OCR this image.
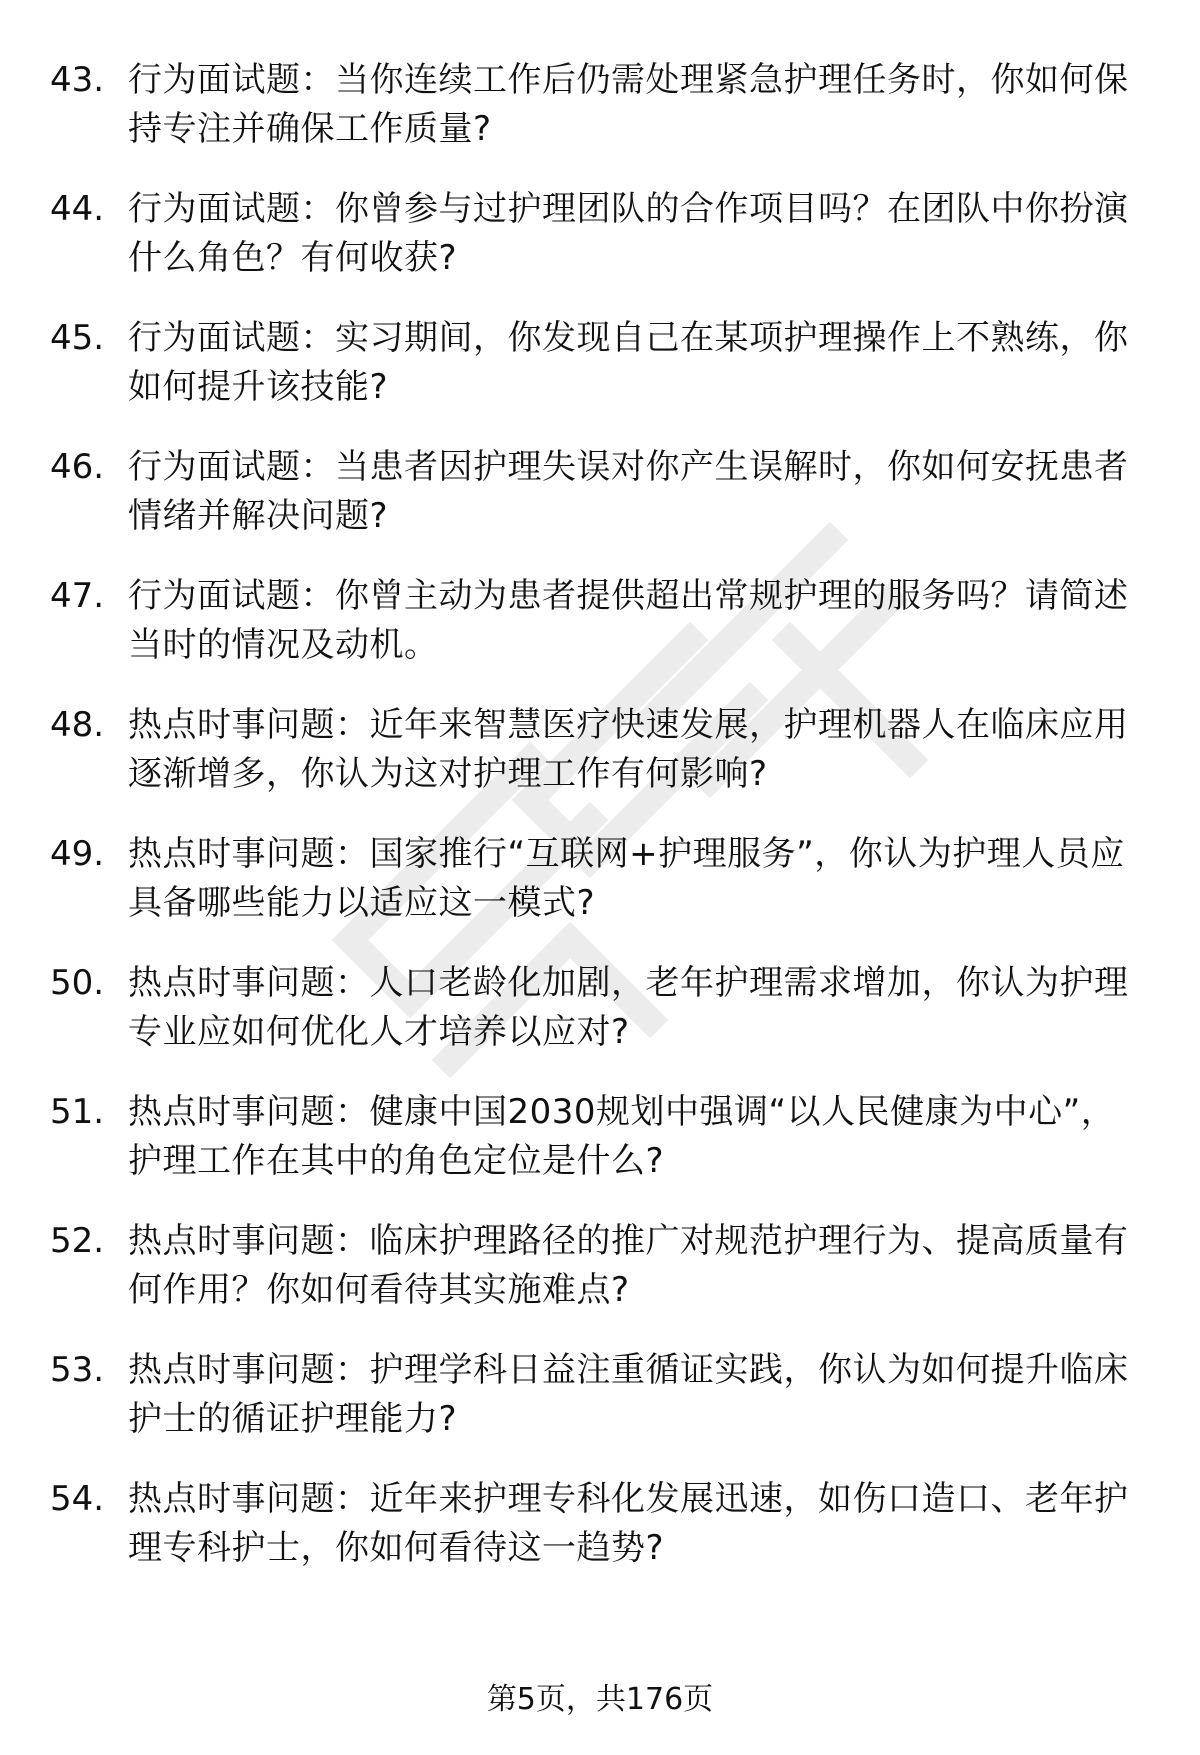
43. 行为面试题：当你连续工作后仍需处理紧急护理任务时，你如何保持专注并确保工作质量?
44. 行为面试题：你曾参与过护理团队的合作项目吗？在团队中你扮演什么角色？有何收获?
45. 行为面试题：实习期间，你发现自己在某项护理操作上不熟练，你如何提升该技能?
46. 行为面试题：当患者因护理失误对你产生误解时，你如何安抚患者情绪并解决问题?
47. 行为面试题：你曾主动为患者提供超出常规护理的服务吗？请简述当时的情况及动机。
48. 热点时事问题：近年来智慧医疗快速发展，护理机器人在临床应用逐渐增多，你认为这对护理工作有何影响?
49. 热点时事问题：国家推行“互联网+护理服务”，你认为护理人员应具备哪些能力以适应这一模式?
50. 热点时事问题：人口老龄化加剧，老年护理需求增加，你认为护理专业应如何优化人才培养以应对?
51. 热点时事问题：健康中国2030规划中强调“以人民健康为中心”，护理工作在其中的角色定位是什么?
52. 热点时事问题：临床护理路径的推广对规范护理行为、提高质量有何作用？你如何看待其实施难点?
53. 热点时事问题：护理学科日益注重循证实践，你认为如何提升临床护士的循证护理能力?
54. 热点时事问题：近年来护理专科化发展迅速，如伤口造口、老年护理专科护士，你如何看待这一趋势?
第5页，共176页
